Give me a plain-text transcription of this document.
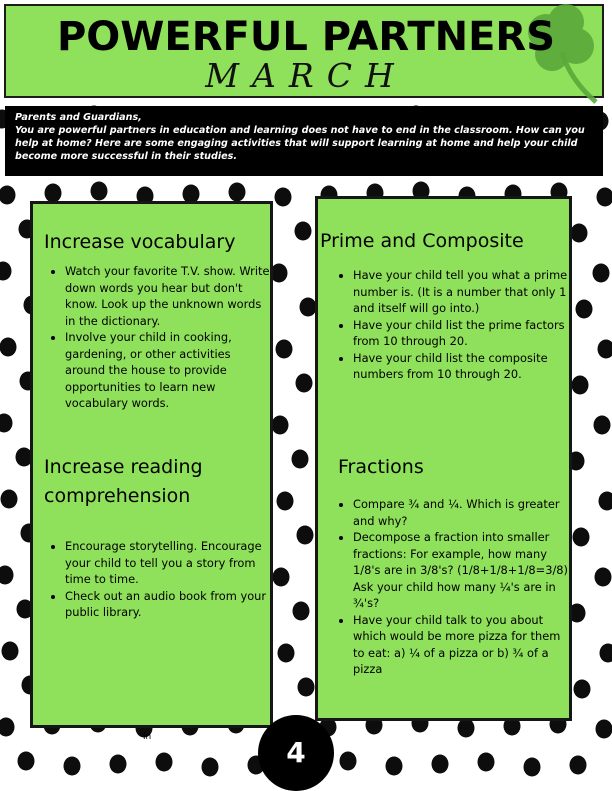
POWERFUL PARTNERS
MARCH
Parents and Guardians,
You are powerful partners in education and learning does not have to end in the classroom. How can you help at home? Here are some engaging activities that will support learning at home and help your child become more successful in their studies.
Increase vocabulary
• Watch your favorite T.V. show. Write down words you hear but don't know. Look up the unknown words in the dictionary.
• Involve your child in cooking, gardening, or other activities around the house to provide opportunities to learn new vocabulary words.
Increase reading comprehension
• Encourage storytelling. Encourage your child to tell you a story from time to time.
• Check out an audio book from your public library.
Prime and Composite
• Have your child tell you what a prime number is. (It is a number that only 1 and itself will go into.)
• Have your child list the prime factors from 10 through 20.
• Have your child list the composite numbers from 10 through 20.
Fractions
• Compare ¾ and ¼. Which is greater and why?
• Decompose a fraction into smaller fractions: For example, how many 1/8's are in 3/8's? (1/8+1/8+1/8=3/8) Ask your child how many ¼'s are in ¾'s?
• Have your child talk to you about which would be more pizza for them to eat: a) ¼ of a pizza or b) ¾ of a pizza
in	4
